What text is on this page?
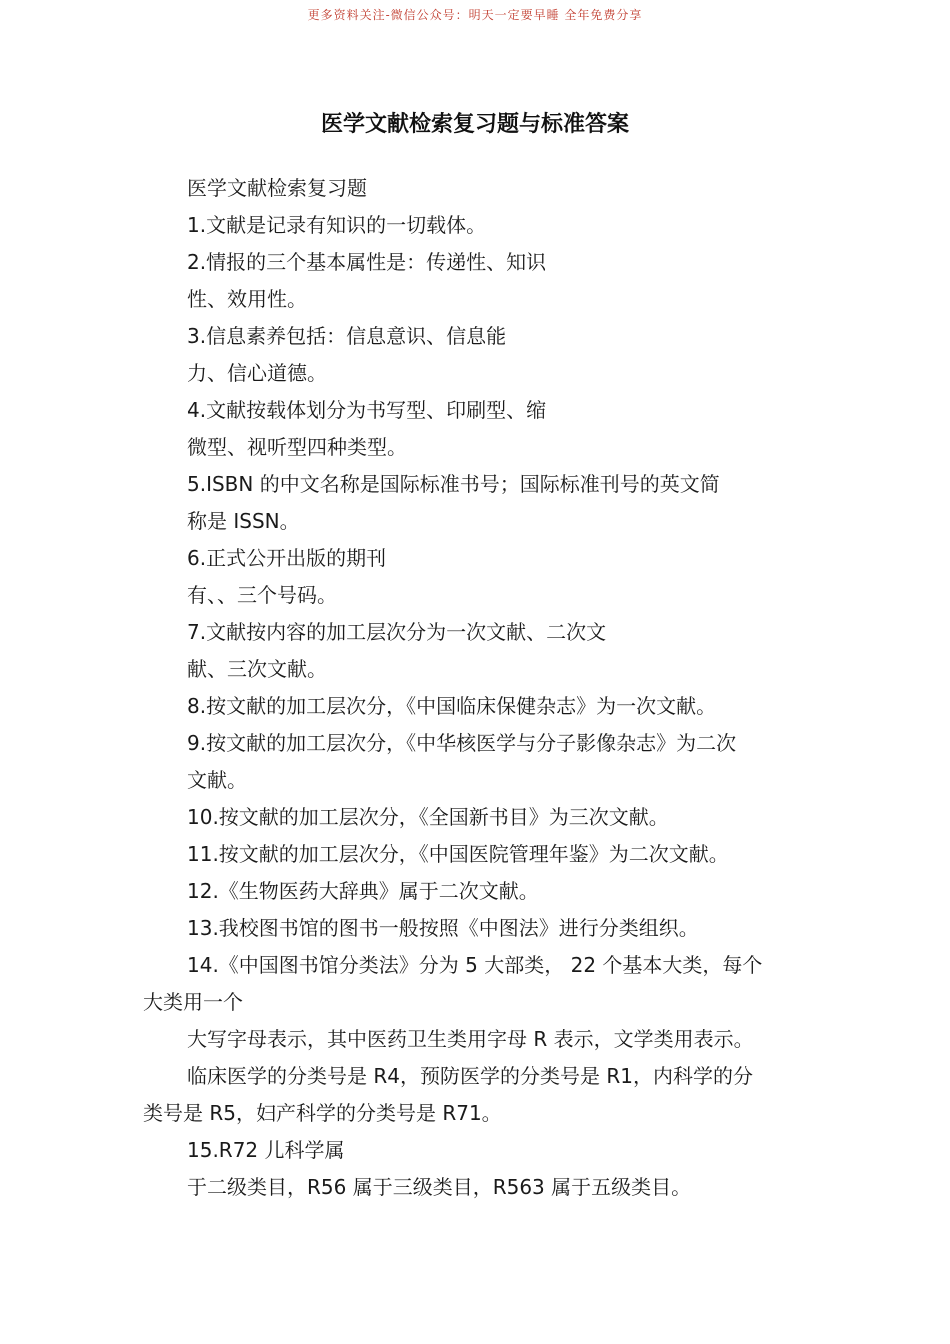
更多资料关注-微信公众号：明天一定要早睡 全年免费分享
医学文献检索复习题与标准答案
医学文献检索复习题
1.文献是记录有知识的一切载体。
2.情报的三个基本属性是：传递性、知识
性、效用性。
3.信息素养包括：信息意识、信息能
力、信心道德。
4.文献按载体划分为书写型、印刷型、缩
微型、视听型四种类型。
5.ISBN 的中文名称是国际标准书号；国际标准刊号的英文简
称是 ISSN。
6.正式公开出版的期刊
有、、三个号码。
7.文献按内容的加工层次分为一次文献、二次文
献、三次文献。
8.按文献的加工层次分，《中国临床保健杂志》为一次文献。
9.按文献的加工层次分，《中华核医学与分子影像杂志》为二次
文献。
10.按文献的加工层次分，《全国新书目》为三次文献。
11.按文献的加工层次分，《中国医院管理年鉴》为二次文献。
12.《生物医药大辞典》属于二次文献。
13.我校图书馆的图书一般按照《中图法》进行分类组织。
14.《中国图书馆分类法》分为 5 大部类， 22 个基本大类，每个
大类用一个
大写字母表示，其中医药卫生类用字母 R 表示，文学类用表示。
临床医学的分类号是 R4，预防医学的分类号是 R1，内科学的分
类号是 R5，妇产科学的分类号是 R71。
15.R72 儿科学属
于二级类目，R56 属于三级类目，R563 属于五级类目。
